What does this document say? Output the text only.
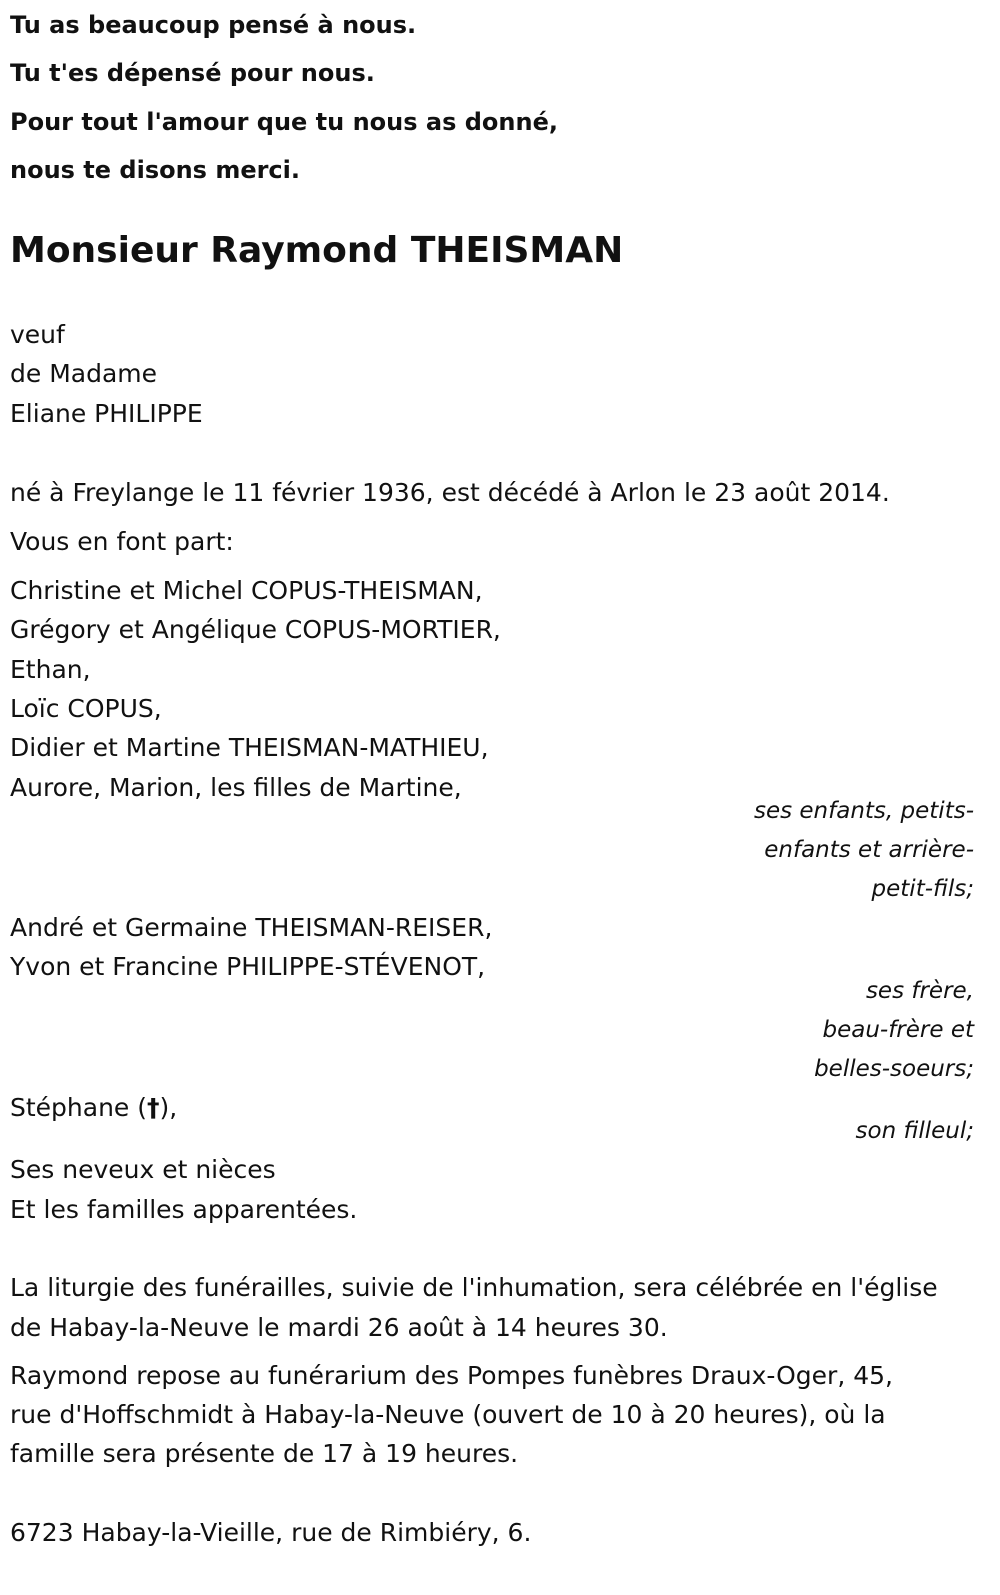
Tu as beaucoup pensé à nous.

Tu t'es dépensé pour nous.

Pour tout l'amour que tu nous as donné,

nous te disons merci.

Monsieur Raymond THEISMAN

veuf

de Madame

Eliane PHILIPPE

né à Freylange le 11 février 1936, est décédé à Arlon le 23 août 2014.

Vous en font part:

Christine et Michel COPUS-THEISMAN,

Grégory et Angélique COPUS-MORTIER,

Ethan,

Loïc COPUS,

Didier et Martine THEISMAN-MATHIEU,

Aurore, Marion, les filles de Martine,

ses enfants, petits-

enfants et arrière-

petit-fils;

André et Germaine THEISMAN-REISER,

Yvon et Francine PHILIPPE-STÉVENOT,

ses frère,

beau-frère et

belles-soeurs;

Stéphane (†),

son filleul;

Ses neveux et nièces

Et les familles apparentées.

La liturgie des funérailles, suivie de l'inhumation, sera célébrée en l'église

de Habay-la-Neuve le mardi 26 août à 14 heures 30.

Raymond repose au funérarium des Pompes funèbres Draux-Oger, 45,

rue d'Hoffschmidt à Habay-la-Neuve (ouvert de 10 à 20 heures), où la

famille sera présente de 17 à 19 heures.

6723 Habay-la-Vieille, rue de Rimbiéry, 6.
